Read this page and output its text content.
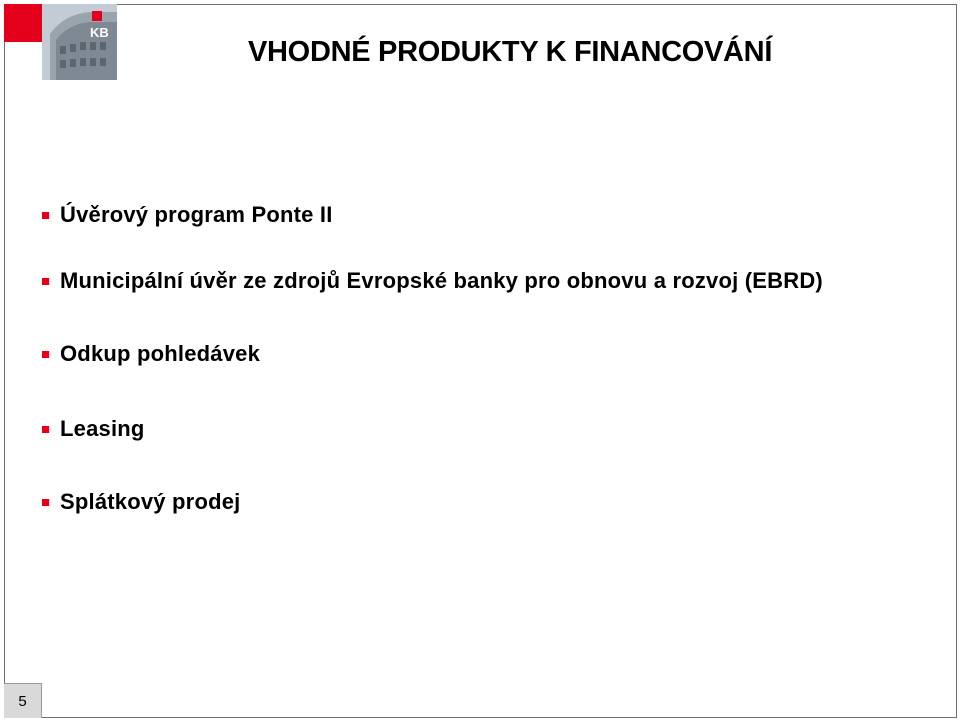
KB
VHODNÉ PRODUKTY K FINANCOVÁNÍ
Úvěrový program Ponte II
Municipální úvěr ze zdrojů Evropské banky pro obnovu a rozvoj (EBRD)
Odkup pohledávek
Leasing
Splátkový prodej
5
